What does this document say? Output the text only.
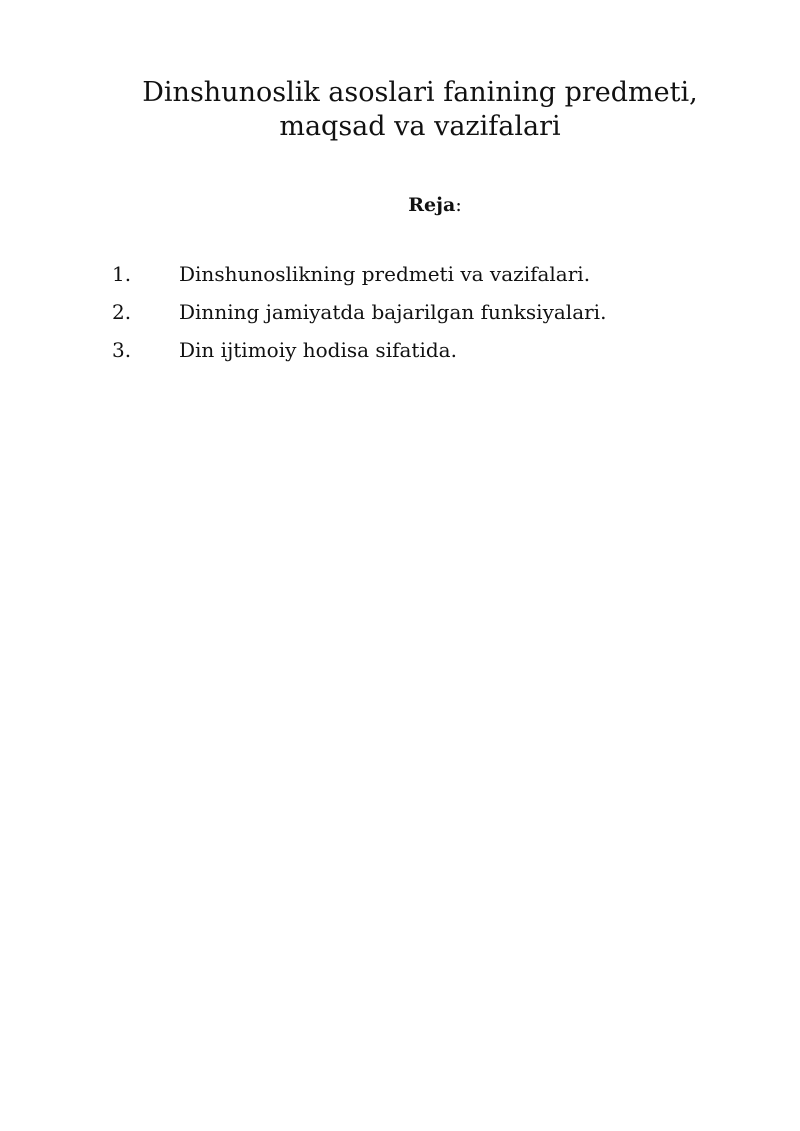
Dinshunoslik asoslari fanining predmeti,
maqsad va vazifalari

Reja:

1.	Dinshunoslikning predmeti va vazifalari.
2.	Dinning jamiyatda bajarilgan funksiyalari.
3.	Din ijtimoiy hodisa sifatida.
